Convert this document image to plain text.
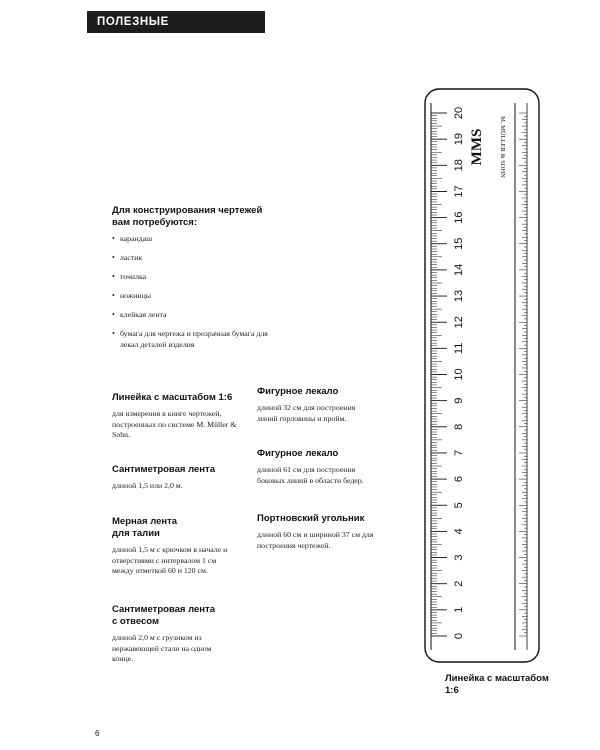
ПОЛЕЗНЫЕ ИНСТРУМЕНТЫ
Для конструирования чертежей вам потребуются:
• карандаш
• ластик
• точилка
• ножницы
• клейкая лента
• бумага для чертежа и прозрачная бумага для лекал деталей изделия
Линейка с масштабом 1:6
для измерения в книге чертежей, построенных по системе M. Müller & Sohn.
Сантиметровая лента
длиной 1,5 или 2,0 м.
Мерная лента для талии
длиной 1,5 м с крючком в начале и отверстиями с интервалом 1 см между отметкой 60 и 120 см.
Сантиметровая лента с отвесом
длиной 2,0 м с грузиком из нержавеющей стали на одном конце.
Фигурное лекало
длиной 32 см для построения линий горловины и пройм.
Фигурное лекало
длиной 61 см для построения боковых линий в области бедер.
Портновский угольник
длиной 60 см и шириной 37 см для построения чертежей.
0
1
2
3
4
5
6
7
8
9
10
11
12
13
14
15
16
17
18
19
20
MMS M. MÜLLER & SOHN
Линейка с масштабом 1:6
6
